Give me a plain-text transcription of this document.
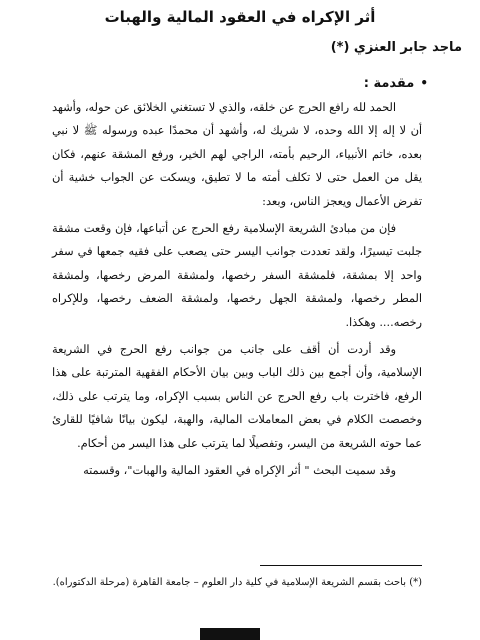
أثر الإكراه في العقود المالية والهبات
ماجد جابر العنزي (*)
•مقدمة :

الحمد لله رافع الحرج عن خلقه، والذي لا تستغني الخلائق عن حوله، وأشهد أن لا إله إلا الله وحده، لا شريك له، وأشهد أن محمدًا عبده ورسوله ﷺ لا نبي بعده، خاتم الأنبياء، الرحيم بأمته، الراجي لهم الخير، ورفع المشقة عنهم، فكان يقل من العمل حتى لا تكلف أمته ما لا تطيق، ويسكت عن الجواب خشية أن تفرض الأعمال ويعجز الناس، وبعد:

فإن من مبادئ الشريعة الإسلامية رفع الحرج عن أتباعها، فإن وقعت مشقة جلبت تيسيرًا، ولقد تعددت جوانب اليسر حتى يصعب على فقيه جمعها في سفر واحد إلا بمشقة، فلمشقة السفر رخصها، ولمشقة المرض رخصها، ولمشقة المطر رخصها، ولمشقة الجهل رخصها، ولمشقة الضعف رخصها، وللإكراه رخصه.... وهكذا.

وقد أردت أن أقف على جانب من جوانب رفع الحرج في الشريعة الإسلامية، وأن أجمع بين ذلك الباب وبين بيان الأحكام الفقهية المترتبة على هذا الرفع، فاخترت باب رفع الحرج عن الناس بسبب الإكراه، وما يترتب على ذلك، وخصصت الكلام في بعض المعاملات المالية، والهبة، ليكون بيانًا شافيًا للقارئ عما حوته الشريعة من اليسر، وتفصيلًا لما يترتب على هذا اليسر من أحكام.

وقد سميت البحث " أثر الإكراه في العقود المالية والهبات"، وقسمته

(*) باحث بقسم الشريعة الإسلامية في كلية دار العلوم – جامعة القاهرة (مرحلة الدكتوراه).
